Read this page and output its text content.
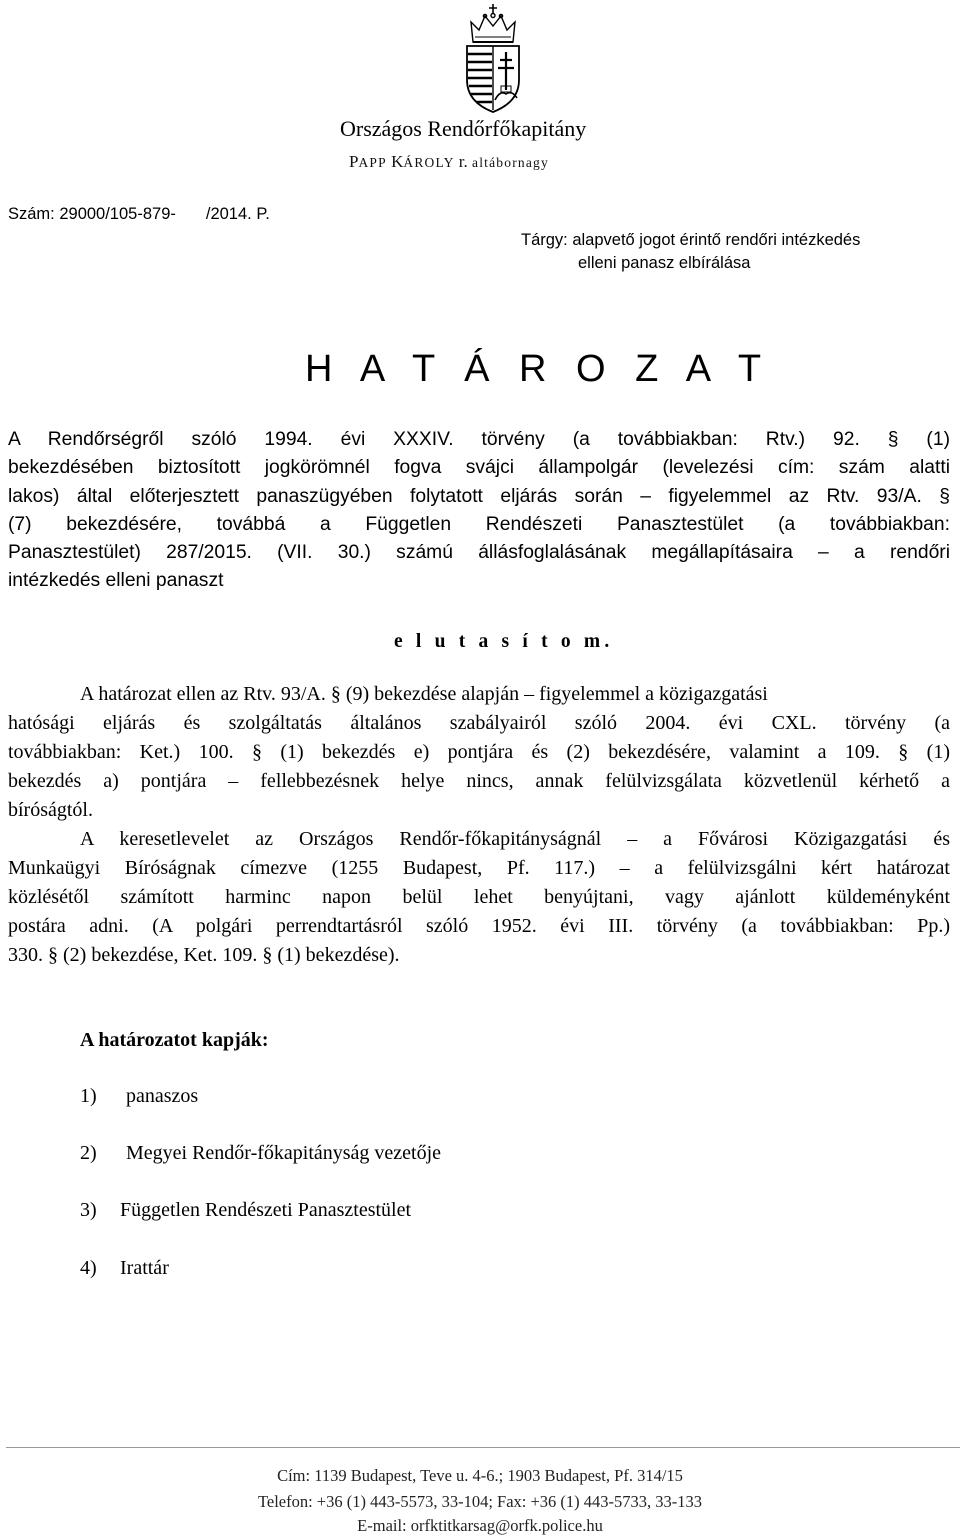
Országos Rendőrfőkapitány
PAPP KÁROLY r. altábornagy
Szám: 29000/105-879- /2014. P.
Tárgy: alapvető jogot érintő rendőri intézkedés
elleni panasz elbírálása
H A T Á R O Z A T
A Rendőrségről szóló 1994. évi XXXIV. törvény (a továbbiakban: Rtv.) 92. § (1)
bekezdésében biztosított jogkörömnél fogva svájci állampolgár (levelezési cím: szám alatti
lakos) által előterjesztett panaszügyében folytatott eljárás során – figyelemmel az Rtv. 93/A. §
(7) bekezdésére, továbbá a Független Rendészeti Panasztestület (a továbbiakban:
Panasztestület) 287/2015. (VII. 30.) számú állásfoglalásának megállapításaira – a rendőri
intézkedés elleni panaszt
e l u t a s í t o m.
A határozat ellen az Rtv. 93/A. § (9) bekezdése alapján – figyelemmel a közigazgatási
hatósági eljárás és szolgáltatás általános szabályairól szóló 2004. évi CXL. törvény (a
továbbiakban: Ket.) 100. § (1) bekezdés e) pontjára és (2) bekezdésére, valamint a 109. § (1)
bekezdés a) pontjára – fellebbezésnek helye nincs, annak felülvizsgálata közvetlenül kérhető a
bíróságtól.
A keresetlevelet az Országos Rendőr-főkapitányságnál – a Fővárosi Közigazgatási és
Munkaügyi Bíróságnak címezve (1255 Budapest, Pf. 117.) – a felülvizsgálni kért határozat
közlésétől számított harminc napon belül lehet benyújtani, vagy ajánlott küldeményként
postára adni. (A polgári perrendtartásról szóló 1952. évi III. törvény (a továbbiakban: Pp.)
330. § (2) bekezdése, Ket. 109. § (1) bekezdése).
A határozatot kapják:
1) panaszos
2) Megyei Rendőr-főkapitányság vezetője
3) Független Rendészeti Panasztestület
4) Irattár
Cím: 1139 Budapest, Teve u. 4-6.; 1903 Budapest, Pf. 314/15
Telefon: +36 (1) 443-5573, 33-104; Fax: +36 (1) 443-5733, 33-133
E-mail: orfktitkarsag@orfk.police.hu
